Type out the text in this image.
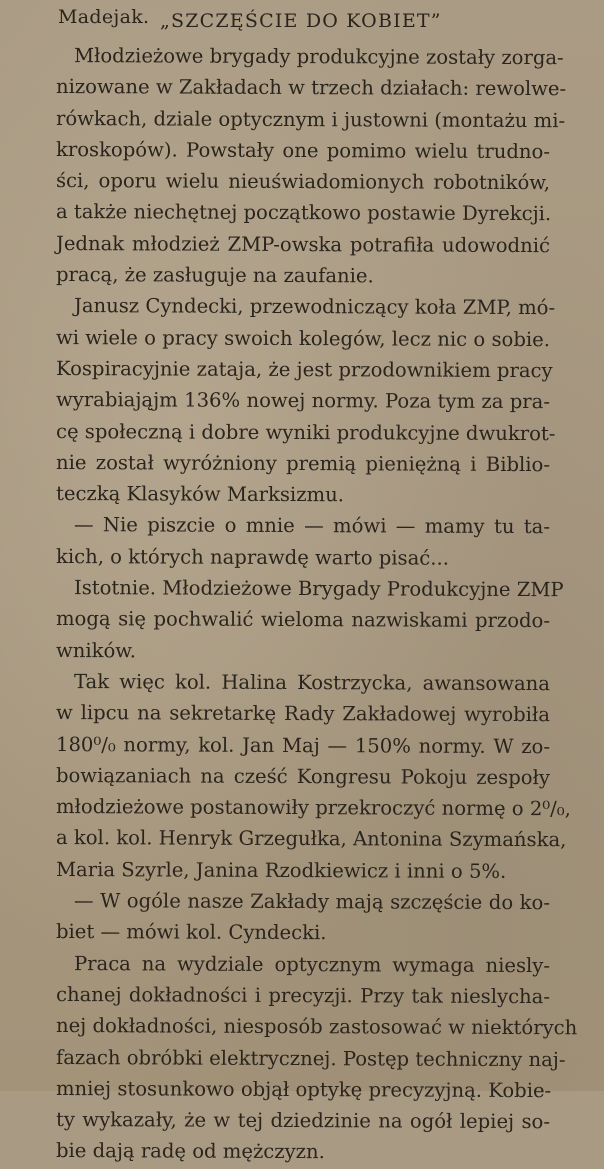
Madejak. „SZCZĘŚCIE DO KOBIET”
Młodzieżowe brygady produkcyjne zostały zorga-
nizowane w Zakładach w trzech działach: rewolwe-
rówkach, dziale optycznym i justowni (montażu mi-
kroskopów). Powstały one pomimo wielu trudno-
ści, oporu wielu nieuświadomionych robotników,
a także niechętnej początkowo postawie Dyrekcji.
Jednak młodzież ZMP-owska potrafiła udowodnić
pracą, że zasługuje na zaufanie.
Janusz Cyndecki, przewodniczący koła ZMP, mó-
wi wiele o pracy swoich kolegów, lecz nic o sobie.
Kospiracyjnie zataja, że jest przodownikiem pracy
wyrabiająjm 136% nowej normy. Poza tym za pra-
cę społeczną i dobre wyniki produkcyjne dwukrot-
nie został wyróżniony premią pieniężną i Biblio-
teczką Klasyków Marksizmu.
— Nie piszcie o mnie — mówi — mamy tu ta-
kich, o których naprawdę warto pisać...
Istotnie. Młodzieżowe Brygady Produkcyjne ZMP
mogą się pochwalić wieloma nazwiskami przodo-
wników.
Tak więc kol. Halina Kostrzycka, awansowana
w lipcu na sekretarkę Rady Zakładowej wyrobiła
180⁰/₀ normy, kol. Jan Maj — 150% normy. W zo-
bowiązaniach na cześć Kongresu Pokoju zespoły
młodzieżowe postanowiły przekroczyć normę o 2⁰/₀,
a kol. kol. Henryk Grzegułka, Antonina Szymańska,
Maria Szyrle, Janina Rzodkiewicz i inni o 5%.
— W ogóle nasze Zakłady mają szczęście do ko-
biet — mówi kol. Cyndecki.
Praca na wydziale optycznym wymaga niesly-
chanej dokładności i precyzji. Przy tak nieslycha-
nej dokładności, niesposób zastosować w niektórych
fazach obróbki elektrycznej. Postęp techniczny naj-
mniej stosunkowo objął optykę precyzyjną. Kobie-
ty wykazały, że w tej dziedzinie na ogół lepiej so-
bie dają radę od mężczyzn.
